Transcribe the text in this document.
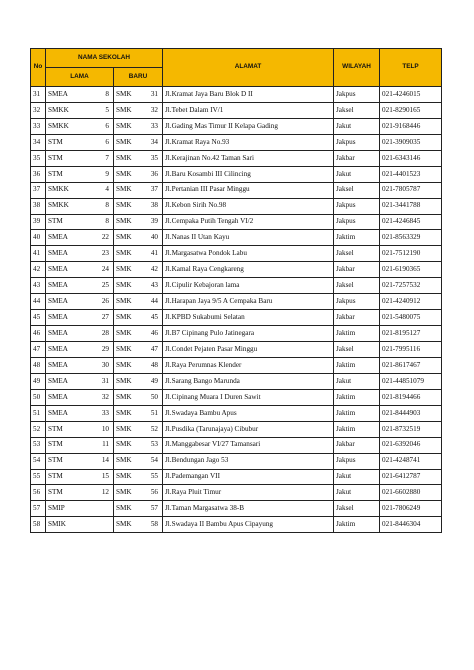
No	NAMA SEKOLAH				ALAMAT	WILAYAH	TELP
	LAMA		BARU				
31	SMEA	8	SMK	31	Jl.Kramat Jaya Baru Blok D II	Jakpus	021-4246015
32	SMKK	5	SMK	32	Jl.Tebet Dalam IV/1	Jaksel	021-8290165
33	SMKK	6	SMK	33	Jl.Gading Mas Timur II Kelapa Gading	Jakut	021-9168446
34	STM	6	SMK	34	Jl.Kramat Raya No.93	Jakpus	021-3909035
35	STM	7	SMK	35	Jl.Kerajinan No.42 Taman Sari	Jakbar	021-6343146
36	STM	9	SMK	36	Jl.Baru Kosambi III Cilincing	Jakut	021-4401523
37	SMKK	4	SMK	37	Jl.Pertanian III Pasar Minggu	Jaksel	021-7805787
38	SMKK	8	SMK	38	Jl.Kebon Sirih No.98	Jakpus	021-3441788
39	STM	8	SMK	39	Jl.Cempaka Putih Tengah VI/2	Jakpus	021-4246845
40	SMEA	22	SMK	40	Jl.Nanas II Utan Kayu	Jaktim	021-8563329
41	SMEA	23	SMK	41	Jl.Margasatwa Pondok Labu	Jaksel	021-7512190
42	SMEA	24	SMK	42	Jl.Kamal Raya Cengkareng	Jakbar	021-6190365
43	SMEA	25	SMK	43	Jl.Cipulir Kebajoran lama	Jaksel	021-7257532
44	SMEA	26	SMK	44	Jl.Harapan Jaya 9/5 A Cempaka Baru	Jakpus	021-4240912
45	SMEA	27	SMK	45	Jl.KPBD Sukabumi Selatan	Jakbar	021-5480075
46	SMEA	28	SMK	46	Jl.B7 Cipinang Pulo Jatinegara	Jaktim	021-8195127
47	SMEA	29	SMK	47	Jl.Condet Pejaten Pasar Minggu	Jaksel	021-7995116
48	SMEA	30	SMK	48	Jl.Raya Perumnas Klender	Jaktim	021-8617467
49	SMEA	31	SMK	49	Jl.Sarang Bango Marunda	Jakut	021-44851079
50	SMEA	32	SMK	50	Jl.Cipinang Muara I Duren Sawit	Jaktim	021-8194466
51	SMEA	33	SMK	51	Jl.Swadaya Bambu Apus	Jaktim	021-8444903
52	STM	10	SMK	52	Jl.Pusdika (Tarunajaya) Cibubur	Jaktim	021-8732519
53	STM	11	SMK	53	Jl.Manggabesar VI/27 Tamansari	Jakbar	021-6392046
54	STM	14	SMK	54	Jl.Bendungan Jago 53	Jakpus	021-4248741
55	STM	15	SMK	55	Jl.Pademangan VII	Jakut	021-6412787
56	STM	12	SMK	56	Jl.Raya Pluit Timur	Jakut	021-6602880
57	SMIP		SMK	57	Jl.Taman Margasatwa 38-B	Jaksel	021-7806249
58	SMIK		SMK	58	Jl.Swadaya II Bambu Apus Cipayung	Jaktim	021-8446304
